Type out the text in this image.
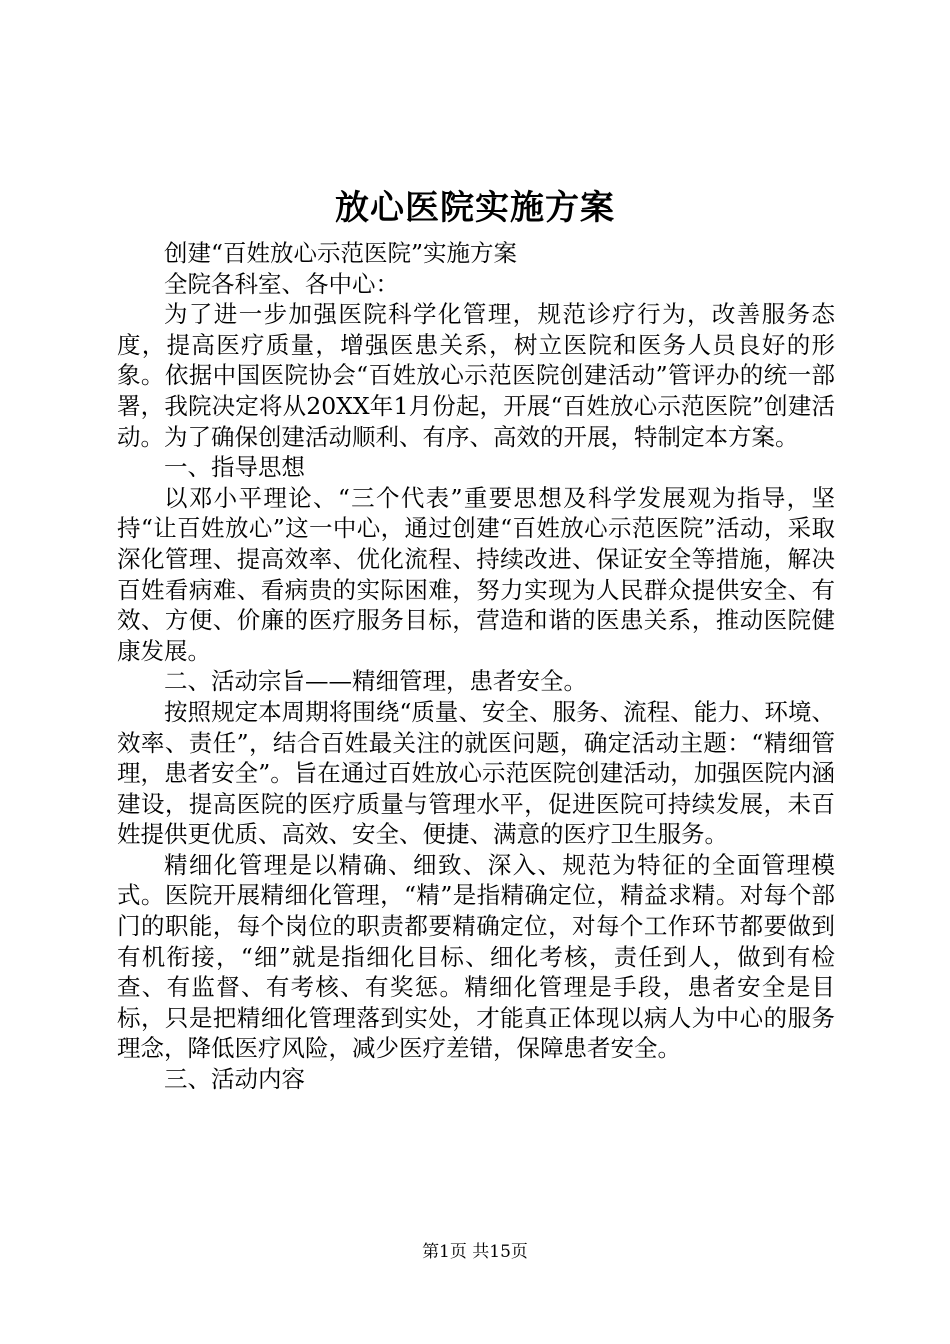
放心医院实施方案

创建“百姓放心示范医院”实施方案

全院各科室、各中心：

为了进一步加强医院科学化管理，规范诊疗行为，改善服务态度，提高医疗质量，增强医患关系，树立医院和医务人员良好的形象。依据中国医院协会“百姓放心示范医院创建活动”管评办的统一部署，我院决定将从20XX年1月份起，开展“百姓放心示范医院”创建活动。为了确保创建活动顺利、有序、高效的开展，特制定本方案。

一、指导思想

以邓小平理论、“三个代表”重要思想及科学发展观为指导，坚持“让百姓放心”这一中心，通过创建“百姓放心示范医院”活动，采取深化管理、提高效率、优化流程、持续改进、保证安全等措施，解决百姓看病难、看病贵的实际困难，努力实现为人民群众提供安全、有效、方便、价廉的医疗服务目标，营造和谐的医患关系，推动医院健康发展。

二、活动宗旨——精细管理，患者安全。

按照规定本周期将围绕“质量、安全、服务、流程、能力、环境、效率、责任”，结合百姓最关注的就医问题，确定活动主题：“精细管理，患者安全”。旨在通过百姓放心示范医院创建活动，加强医院内涵建设，提高医院的医疗质量与管理水平，促进医院可持续发展，未百姓提供更优质、高效、安全、便捷、满意的医疗卫生服务。

精细化管理是以精确、细致、深入、规范为特征的全面管理模式。医院开展精细化管理，“精”是指精确定位，精益求精。对每个部门的职能，每个岗位的职责都要精确定位，对每个工作环节都要做到有机衔接，“细”就是指细化目标、细化考核，责任到人，做到有检查、有监督、有考核、有奖惩。精细化管理是手段，患者安全是目标，只是把精细化管理落到实处，才能真正体现以病人为中心的服务理念，降低医疗风险，减少医疗差错，保障患者安全。

三、活动内容

第1页 共15页
